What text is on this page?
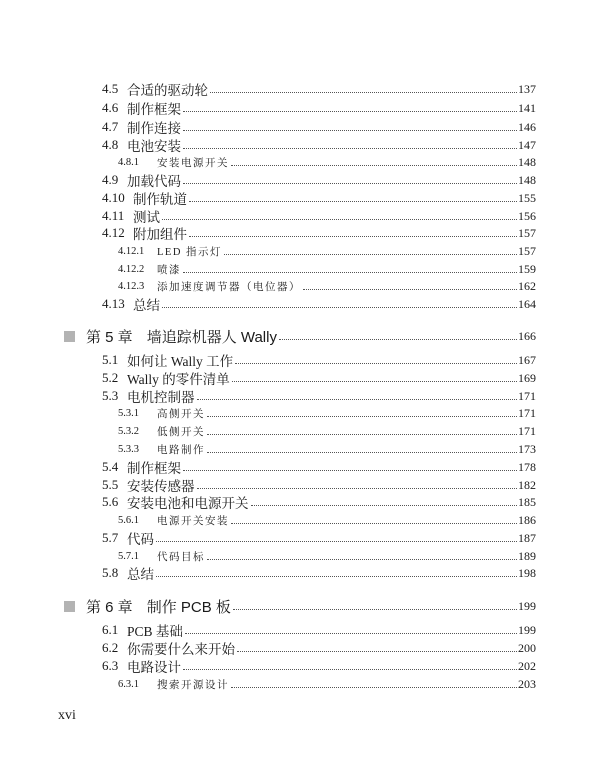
4.5 合适的驱动轮	137
4.6 制作框架	141
4.7 制作连接	146
4.8 电池安装	147
4.8.1	安装电源开关	148
4.9 加载代码	148
4.10 制作轨道	155
4.11 测试	156
4.12 附加组件	157
4.12.1	LED 指示灯	157
4.12.2	喷漆	159
4.12.3	添加速度调节器（电位器）	162
4.13 总结	164
第 5 章 墙追踪机器人 Wally	166
5.1 如何让 Wally 工作	167
5.2 Wally 的零件清单	169
5.3 电机控制器	171
5.3.1	高侧开关	171
5.3.2	低侧开关	171
5.3.3	电路制作	173
5.4 制作框架	178
5.5 安装传感器	182
5.6 安装电池和电源开关	185
5.6.1	电源开关安装	186
5.7 代码	187
5.7.1	代码目标	189
5.8 总结	198
第 6 章 制作 PCB 板	199
6.1 PCB 基础	199
6.2 你需要什么来开始	200
6.3 电路设计	202
6.3.1	搜索开源设计	203
xvi
